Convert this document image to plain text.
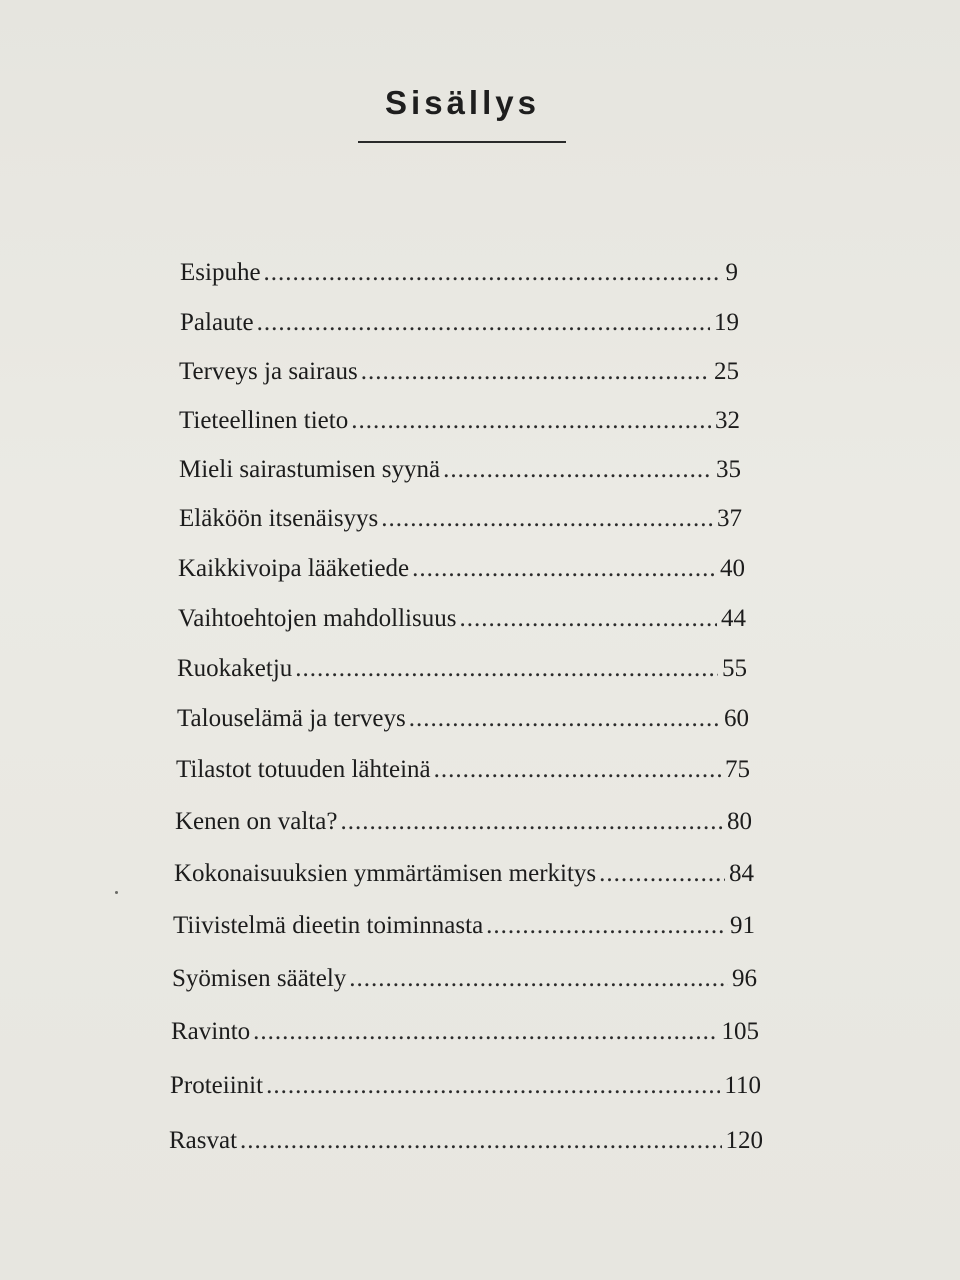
Sisällys
Esipuhe .....	9
Palaute .....	19
Terveys ja sairaus .....	25
Tieteellinen tieto .....	32
Mieli sairastumisen syynä .....	35
Eläköön itsenäisyys .....	37
Kaikkivoipa lääketiede .....	40
Vaihtoehtojen mahdollisuus .....	44
Ruokaketju .....	55
Talouselämä ja terveys .....	60
Tilastot totuuden lähteinä .....	75
Kenen on valta? .....	80
Kokonaisuuksien ymmärtämisen merkitys .....	84
Tiivistelmä dieetin toiminnasta .....	91
Syömisen säätely .....	96
Ravinto .....	105
Proteiinit .....	110
Rasvat .....	120
